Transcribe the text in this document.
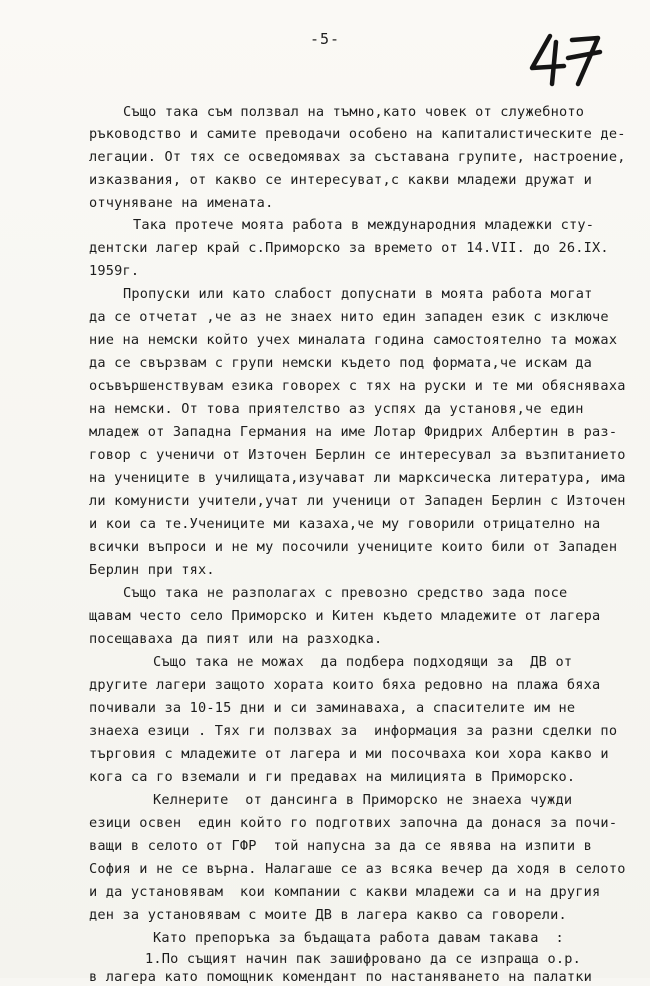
-5-
Също така съм ползвал на тъмно,като човек от служебното
ръководство и самите преводачи особено на капиталистическите де-
легации. От тях се осведомявах за съставана групите, настроение,
изказвания, от какво се интересуват,с какви младежи дружат и
отчуняване на имената.
Така протече моята работа в международния младежки сту-
дентски лагер край с.Приморско за времето от 14.VII. до 26.IX.
1959г.
Пропуски или като слабост допуснати в моята работа могат
да се отчетат ,че аз не знаех нито един западен език с изключе
ние на немски който учех миналата година самостоятелно та можах
да се свързвам с групи немски където под формата,че искам да
осъвършенствувам езика говорех с тях на руски и те ми обясняваха
на немски. От това приятелство аз успях да установя,че един
младеж от Западна Германия на име Лотар Фридрих Албертин в раз-
говор с ученичи от Източен Берлин се интересувал за възпитанието
на учениците в училищата,изучават ли марксическа литература, има
ли комунисти учители,учат ли ученици от Западен Берлин с Източен
и кои са те.Учениците ми казаха,че му говорили отрицателно на
всички въпроси и не му посочили учениците които били от Западен
Берлин при тях.
Също така не разполагах с превозно средство зада посе
щавам често село Приморско и Китен където младежите от лагера
посещаваха да пият или на разходка.
Също така не можах  да подбера подходящи за  ДВ от
другите лагери защото хората които бяха редовно на плажа бяха
почивали за 10-15 дни и си заминаваха, а спасителите им не
знаеха езици . Тях ги ползвах за  информация за разни сделки по
търговия с младежите от лагера и ми посочваха кои хора какво и
кога са го вземали и ги предавах на милицията в Приморско.
Келнерите  от дансинга в Приморско не знаеха чужди
езици освен  един който го подготвих започна да донася за почи-
ващи в селото от ГФР  той напусна за да се явява на изпити в
София и не се върна. Налагаше се аз всяка вечер да ходя в селото
и да установявам  кои компании с какви младежи са и на другия
ден за установявам с моите ДВ в лагера какво са говорели.
Като препоръка за бъдащата работа давам такава  :
1.По същият начин пак зашифровано да се изпраща о.р.
в лагера като помощник комендант по настаняването на палатки
